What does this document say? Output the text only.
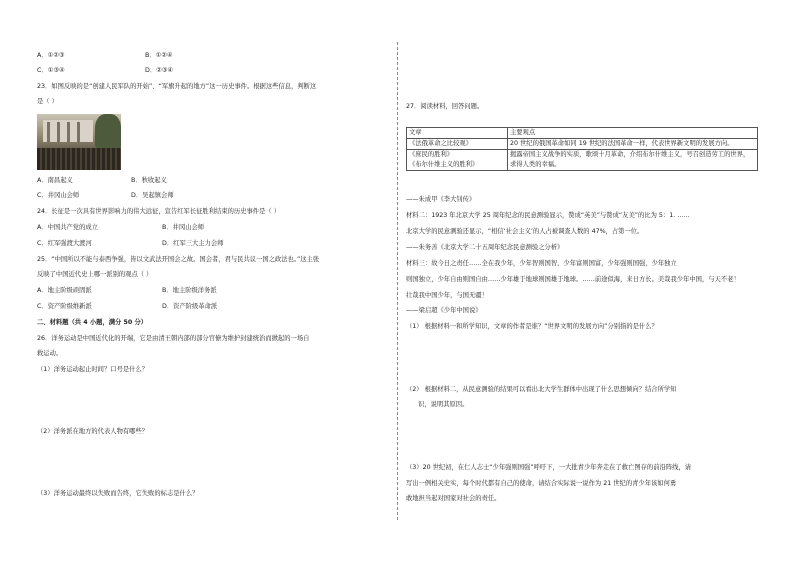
A．①②③	B．①②④
C．①③④	D．②③④
23．如图反映的是“创建人民军队的开始”、“军旗升起的地方”这一历史事件。根据这些信息，判断这
是（ ）
A．南昌起义	B．秋收起义
C．井冈山会师	D．吴起镇会师
24．长征是一次具有世界影响力的伟大远征，宣告红军长征胜利结束的历史事件是（ ）
A．中国共产党的成立	B．井冈山会师
C．红军强渡大渡河	D．红军三大主力会师
25．“中国所以不能与泰西争强，皆以文武法开国会之故。国会者，君与民共议一国之政法也。”这主张
反映了中国近代史上哪一派别的观点（ ）
A．地主阶级顽固派	B．地主阶级洋务派
C．资产阶级维新派	D．资产阶级革命派
二、材料题（共 4 小题，满分 50 分）
26．洋务运动是中国近代化的开端，它是由清王朝内部的部分官僚为维护封建统治而掀起的一场自
救运动。
（1）洋务运动起止时间？口号是什么？
（2）洋务派在地方的代表人物有哪些？
（3）洋务运动最终以失败而告终，它失败的标志是什么？
27．阅读材料，回答问题。
文章	主要观点
《法俄革命之比较观》	20 世纪的俄国革命如同 19 世纪的法国革命一样，代表世界新文明的发展方向。

《庶民的胜利》
《布尔什维主义的胜利》	揭露帝国主义战争的实质，歌颂十月革命，介绍布尔什维主义，号召创造劳工的世界，求得人类的幸福。
——朱成甲《李大钊传》
材料二：1923 年北京大学 25 周年纪念的民意测验显示，赞成“英美”与赞成“友美”的比为 5：1. ……
北京大学的民意测验还显示，“相信‘社会主义’的人占被调查人数的 47%，占第一位。
——朱务善《北京大学二十五周年纪念民意测验之分析》
材料三：故今日之责任……全在我少年，少年智则国智，少年富则国富，少年强则国强，少年独立
则国独立，少年自由则国自由……少年雄于地球则国雄于地球。……前途似海，来日方长。美哉我少年中国，与天不老！
壮哉我中国少年，与国无疆！
——梁启超《少年中国说》
（1） 根据材料一和所学知识，文章的作者是谁？“世界文明的发展方向”分别指的是什么？
（2） 根据材料二，从民意测验的结果可以看出北大学生群体中出现了什么思想倾向？结合所学知
识，说明其原因。
（3）20 世纪初，在仁人志士“少年强则国强”呼吁下，一大批青少年奔走在了救亡图存的前沿阵线，请
写出一例相关史实，每个时代都有自己的使命，请结合实际说一说作为 21 世纪的青少年该如何勇
敢地担当起对国家对社会的责任。
